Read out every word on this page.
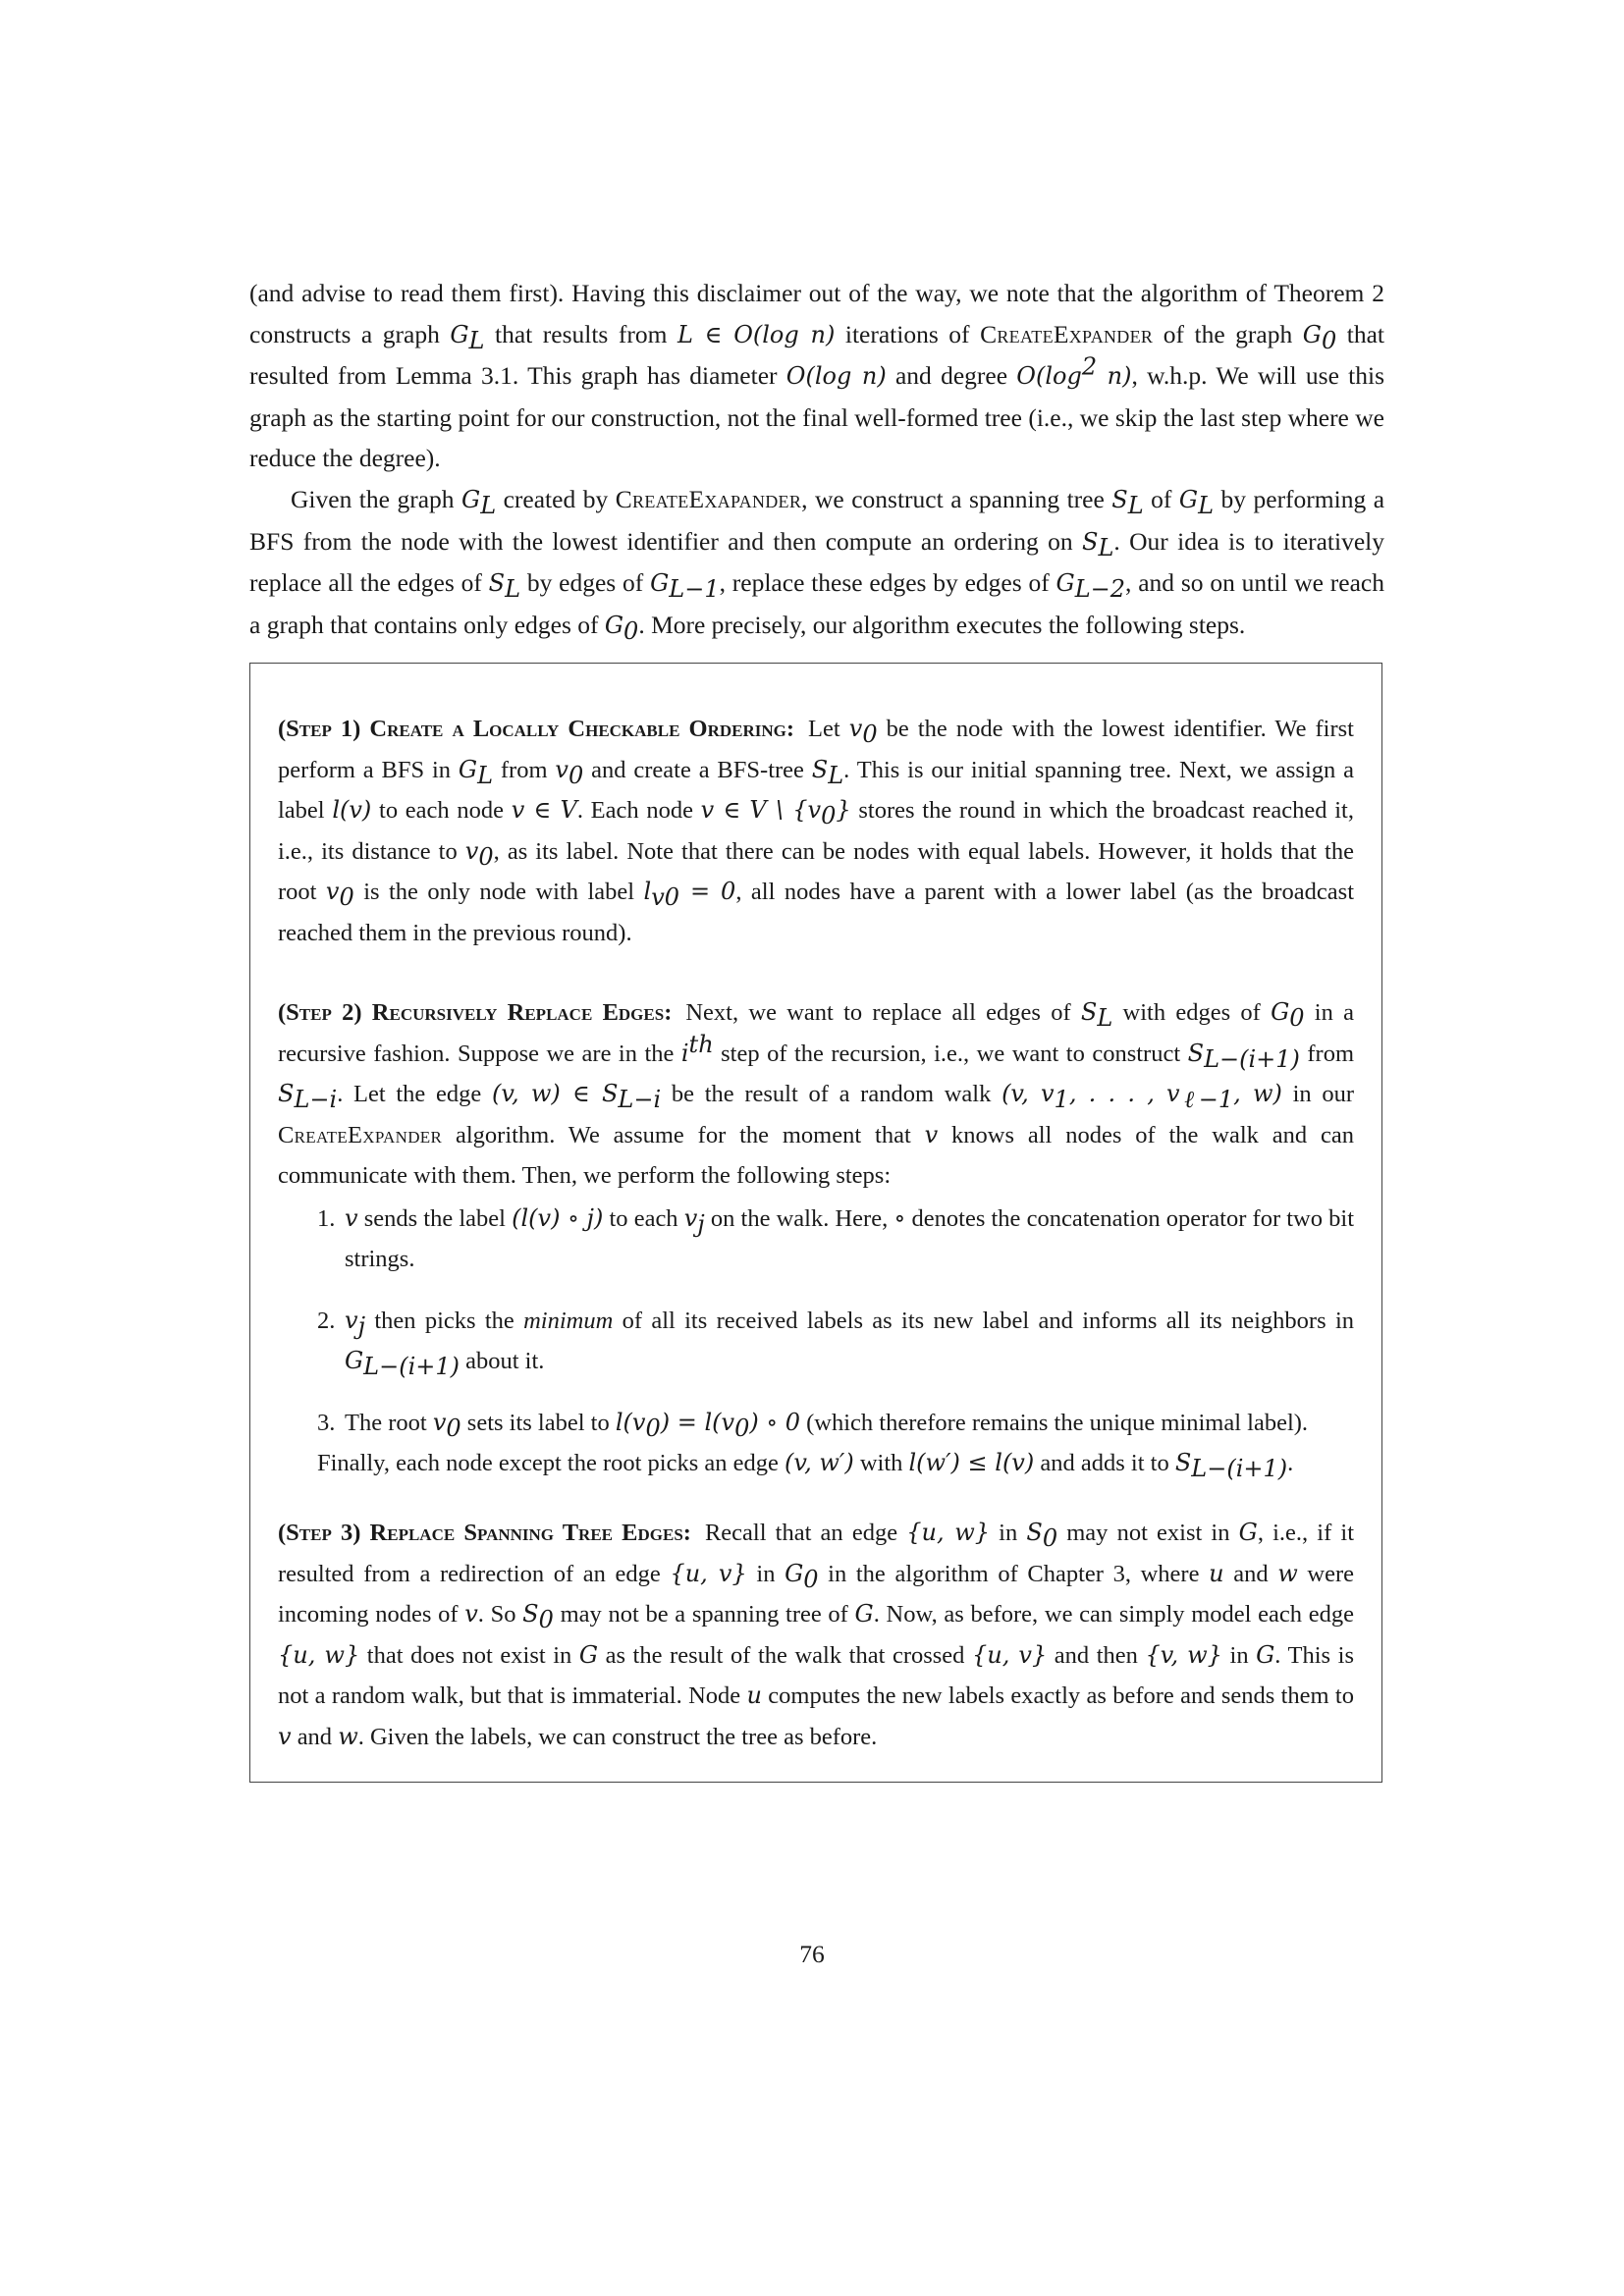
(and advise to read them first). Having this disclaimer out of the way, we note that the algorithm of Theorem 2 constructs a graph $G_L$ that results from L ∈ O(log n) iterations of CreateExpander of the graph $G_0$ that resulted from Lemma 3.1. This graph has diameter O(log n) and degree $O(\log^2$ n), w.h.p. We will use this graph as the starting point for our construction, not the final well-formed tree (i.e., we skip the last step where we reduce the degree).

Given the graph $G_L$ created by CreateExapander, we construct a spanning tree $S_L$ of $G_L$ by performing a BFS from the node with the lowest identifier and then compute an ordering on $S_L$. Our idea is to iteratively replace all the edges of $S_L$ by edges of $G_{L-1}$, replace these edges by edges of $G_{L-2}$, and so on until we reach a graph that contains only edges of $G_0$. More precisely, our algorithm executes the following steps.

(Step 1) Create a Locally Checkable Ordering: Let $v_0$ be the node with the lowest identifier. We first perform a BFS in $G_L$ from $v_0$ and create a BFS-tree $S_L$. This is our initial spanning tree. Next, we assign a label l(v) to each node v ∈ V. Each node v ∈ V \ $\{v_0\}$ stores the round in which the broadcast reached it, i.e., its distance to $v_0$, as its label. Note that there can be nodes with equal labels. However, it holds that the root $v_0$ is the only node with label $l_{v0} = 0$, all nodes have a parent with a lower label (as the broadcast reached them in the previous round).
(Step 2) Recursively Replace Edges: Next, we want to replace all edges of $S_L$ with edges of $G_0$ in a recursive fashion. Suppose we are in the $i^{th}$ step of the recursion, i.e., we want to construct $S_{L-(i+1)}$ from $S_{L-i}$. Let the edge (v, w) ∈ $S_{L-i}$ be the result of a random walk (v, $v_1$, . . . , $v_{\ell-1}$, w) in our CreateExpander algorithm. We assume for the moment that v knows all nodes of the walk and can communicate with them. Then, we perform the following steps:
1. v sends the label (l(v) ∘ j) to each $v_j$ on the walk. Here, ∘ denotes the concatenation operator for two bit strings.
2. $v_j$ then picks the minimum of all its received labels as its new label and informs all its neighbors in $G_{L-(i+1)}$ about it.
3. The root $v_0$ sets its label to $l(v_0) = l(v_0)$ ∘ 0 (which therefore remains the unique minimal label).
Finally, each node except the root picks an edge (v, w′) with l(w′) ≤ l(v) and adds it to $S_{L-(i+1)}$.
(Step 3) Replace Spanning Tree Edges: Recall that an edge {u, w} in $S_0$ may not exist in G, i.e., if it resulted from a redirection of an edge {u, v} in $G_0$ in the algorithm of Chapter 3, where u and w were incoming nodes of v. So $S_0$ may not be a spanning tree of G. Now, as before, we can simply model each edge {u, w} that does not exist in G as the result of the walk that crossed {u, v} and then {v, w} in G. This is not a random walk, but that is immaterial. Node u computes the new labels exactly as before and sends them to v and w. Given the labels, we can construct the tree as before.
76
